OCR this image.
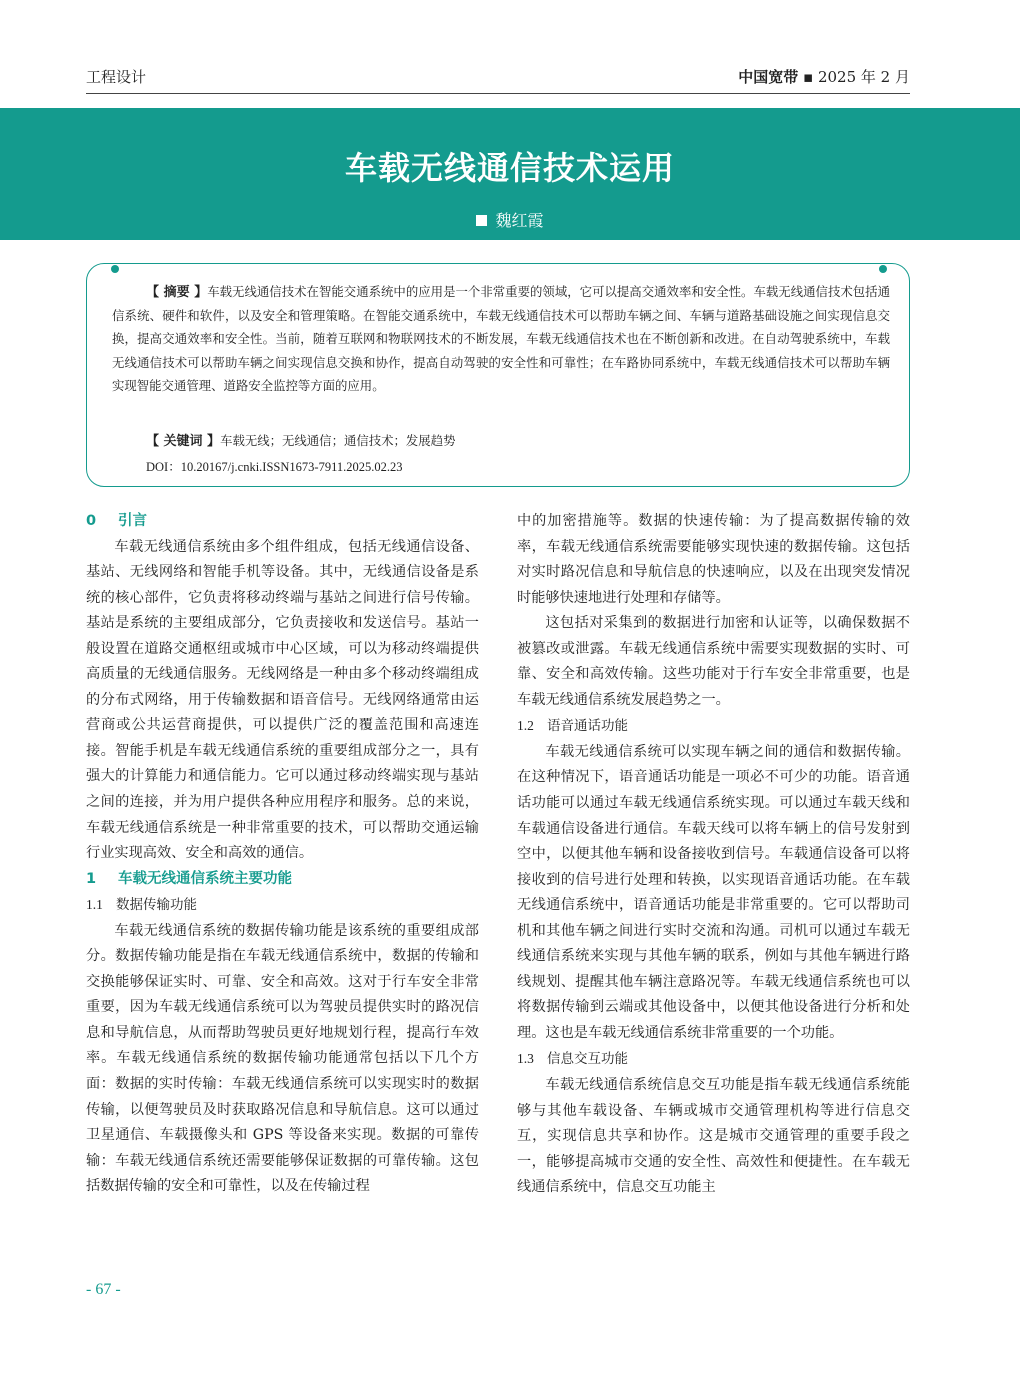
工程设计	中国宽带 ▪ 2025 年 2 月
车载无线通信技术运用
魏红霞
【 摘要 】车载无线通信技术在智能交通系统中的应用是一个非常重要的领域，它可以提高交通效率和安全性。车载无线通信技术包括通信系统、硬件和软件，以及安全和管理策略。在智能交通系统中，车载无线通信技术可以帮助车辆之间、车辆与道路基础设施之间实现信息交换，提高交通效率和安全性。当前，随着互联网和物联网技术的不断发展，车载无线通信技术也在不断创新和改进。在自动驾驶系统中，车载无线通信技术可以帮助车辆之间实现信息交换和协作，提高自动驾驶的安全性和可靠性；在车路协同系统中，车载无线通信技术可以帮助车辆实现智能交通管理、道路安全监控等方面的应用。
【 关键词 】车载无线；无线通信；通信技术；发展趋势
DOI：10.20167/j.cnki.ISSN1673-7911.2025.02.23
0 引言

车载无线通信系统由多个组件组成，包括无线通信设备、基站、无线网络和智能手机等设备。其中，无线通信设备是系统的核心部件，它负责将移动终端与基站之间进行信号传输。基站是系统的主要组成部分，它负责接收和发送信号。基站一般设置在道路交通枢纽或城市中心区域，可以为移动终端提供高质量的无线通信服务。无线网络是一种由多个移动终端组成的分布式网络，用于传输数据和语音信号。无线网络通常由运营商或公共运营商提供，可以提供广泛的覆盖范围和高速连接。智能手机是车载无线通信系统的重要组成部分之一，具有强大的计算能力和通信能力。它可以通过移动终端实现与基站之间的连接，并为用户提供各种应用程序和服务。总的来说，车载无线通信系统是一种非常重要的技术，可以帮助交通运输行业实现高效、安全和高效的通信。

1 车载无线通信系统主要功能
1.1 数据传输功能

车载无线通信系统的数据传输功能是该系统的重要组成部分。数据传输功能是指在车载无线通信系统中，数据的传输和交换能够保证实时、可靠、安全和高效。这对于行车安全非常重要，因为车载无线通信系统可以为驾驶员提供实时的路况信息和导航信息，从而帮助驾驶员更好地规划行程，提高行车效率。车载无线通信系统的数据传输功能通常包括以下几个方面：数据的实时传输：车载无线通信系统可以实现实时的数据传输，以便驾驶员及时获取路况信息和导航信息。这可以通过卫星通信、车载摄像头和 GPS 等设备来实现。数据的可靠传输：车载无线通信系统还需要能够保证数据的可靠传输。这包括数据传输的安全和可靠性，以及在传输过程

中的加密措施等。数据的快速传输：为了提高数据传输的效率，车载无线通信系统需要能够实现快速的数据传输。这包括对实时路况信息和导航信息的快速响应，以及在出现突发情况时能够快速地进行处理和存储等。

这包括对采集到的数据进行加密和认证等，以确保数据不被篡改或泄露。车载无线通信系统中需要实现数据的实时、可靠、安全和高效传输。这些功能对于行车安全非常重要，也是车载无线通信系统发展趋势之一。

1.2 语音通话功能

车载无线通信系统可以实现车辆之间的通信和数据传输。在这种情况下，语音通话功能是一项必不可少的功能。语音通话功能可以通过车载无线通信系统实现。可以通过车载天线和车载通信设备进行通信。车载天线可以将车辆上的信号发射到空中，以便其他车辆和设备接收到信号。车载通信设备可以将接收到的信号进行处理和转换，以实现语音通话功能。在车载无线通信系统中，语音通话功能是非常重要的。它可以帮助司机和其他车辆之间进行实时交流和沟通。司机可以通过车载无线通信系统来实现与其他车辆的联系，例如与其他车辆进行路线规划、提醒其他车辆注意路况等。车载无线通信系统也可以将数据传输到云端或其他设备中，以便其他设备进行分析和处理。这也是车载无线通信系统非常重要的一个功能。

1.3 信息交互功能

车载无线通信系统信息交互功能是指车载无线通信系统能够与其他车载设备、车辆或城市交通管理机构等进行信息交互，实现信息共享和协作。这是城市交通管理的重要手段之一，能够提高城市交通的安全性、高效性和便捷性。在车载无线通信系统中，信息交互功能主

- 67 -
